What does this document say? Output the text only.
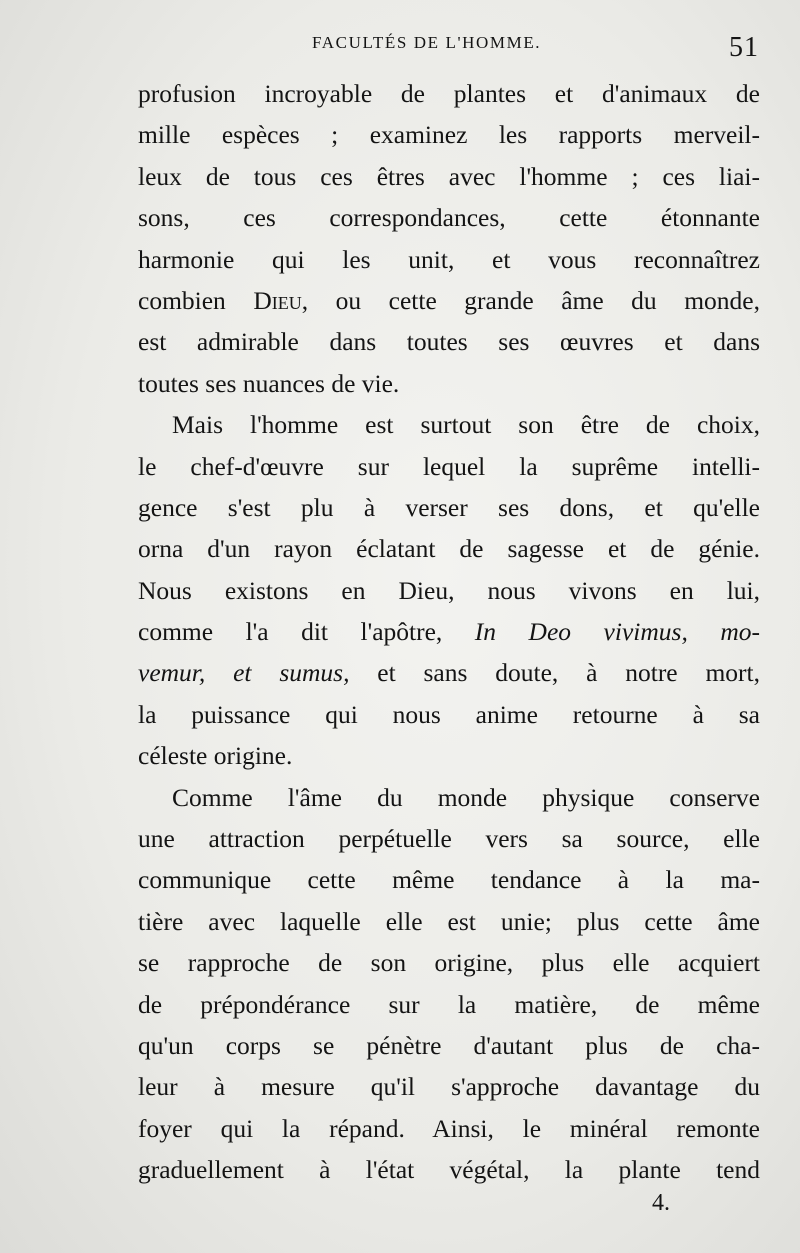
FACULTÉS DE L'HOMME.	51
profusion incroyable de plantes et d'animaux de
mille espèces ; examinez les rapports merveil-
leux de tous ces êtres avec l'homme ; ces liai-
sons, ces correspondances, cette étonnante
harmonie qui les unit, et vous reconnaîtrez
combien Dieu, ou cette grande âme du monde,
est admirable dans toutes ses œuvres et dans
toutes ses nuances de vie.
Mais l'homme est surtout son être de choix,
le chef-d'œuvre sur lequel la suprême intelli-
gence s'est plu à verser ses dons, et qu'elle
orna d'un rayon éclatant de sagesse et de génie.
Nous existons en Dieu, nous vivons en lui,
comme l'a dit l'apôtre, In Deo vivimus, mo-
vemur, et sumus, et sans doute, à notre mort,
la puissance qui nous anime retourne à sa
céleste origine.
Comme l'âme du monde physique conserve
une attraction perpétuelle vers sa source, elle
communique cette même tendance à la ma-
tière avec laquelle elle est unie; plus cette âme
se rapproche de son origine, plus elle acquiert
de prépondérance sur la matière, de même
qu'un corps se pénètre d'autant plus de cha-
leur à mesure qu'il s'approche davantage du
foyer qui la répand. Ainsi, le minéral remonte
graduellement à l'état végétal, la plante tend
4.
